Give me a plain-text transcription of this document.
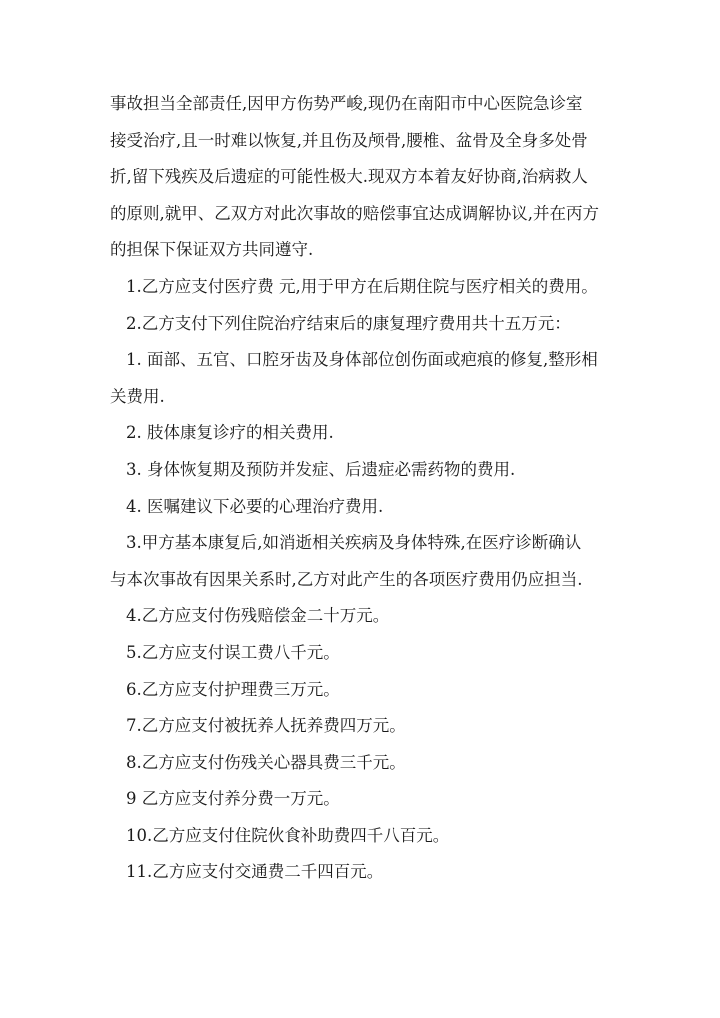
事故担当全部责任,因甲方伤势严峻,现仍在南阳市中心医院急诊室
接受治疗,且一时难以恢复,并且伤及颅骨,腰椎、盆骨及全身多处骨
折,留下残疾及后遗症的可能性极大.现双方本着友好协商,治病救人
的原则,就甲、乙双方对此次事故的赔偿事宜达成调解协议,并在丙方
的担保下保证双方共同遵守.
1.乙方应支付医疗费 元,用于甲方在后期住院与医疗相关的费用。
2.乙方支付下列住院治疗结束后的康复理疗费用共十五万元：
1. 面部、五官、口腔牙齿及身体部位创伤面或疤痕的修复,整形相
关费用.
2. 肢体康复诊疗的相关费用.
3. 身体恢复期及预防并发症、后遗症必需药物的费用.
4. 医嘱建议下必要的心理治疗费用.
3.甲方基本康复后,如消逝相关疾病及身体特殊,在医疗诊断确认
与本次事故有因果关系时,乙方对此产生的各项医疗费用仍应担当.
4.乙方应支付伤残赔偿金二十万元。
5.乙方应支付误工费八千元。
6.乙方应支付护理费三万元。
7.乙方应支付被抚养人抚养费四万元。
8.乙方应支付伤残关心器具费三千元。
9 乙方应支付养分费一万元。
10.乙方应支付住院伙食补助费四千八百元。
11.乙方应支付交通费二千四百元。
